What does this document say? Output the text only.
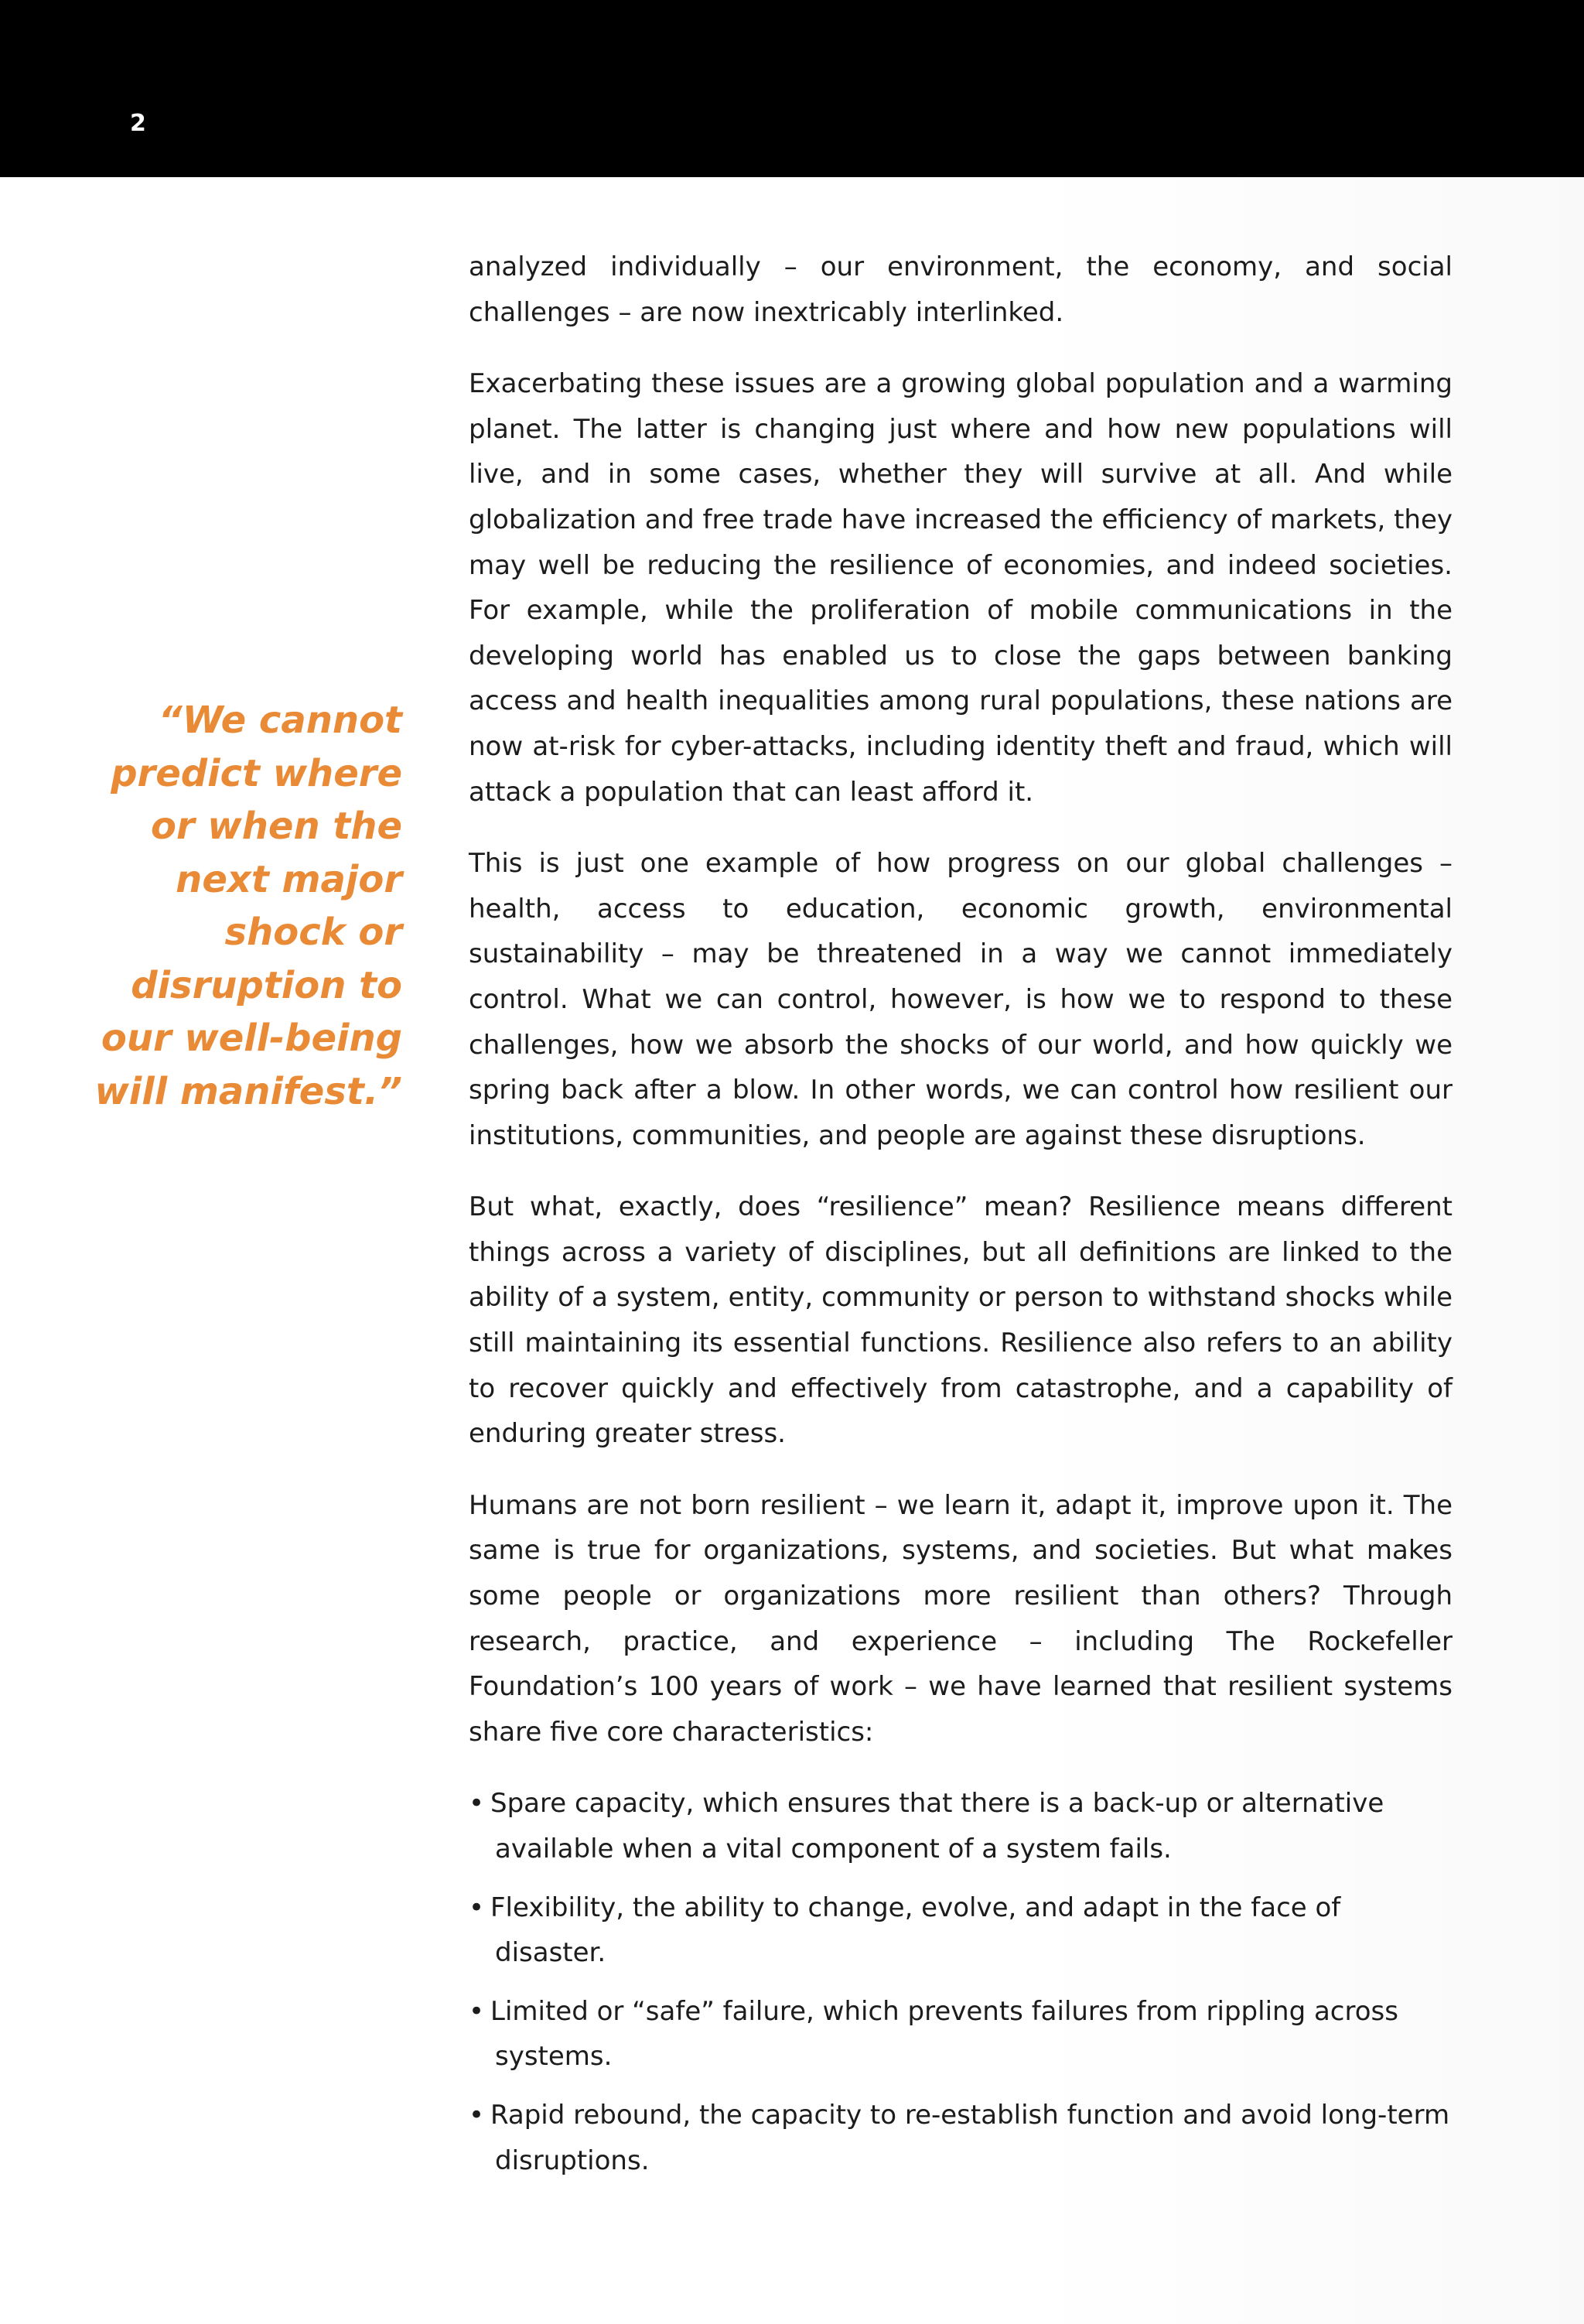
2

“We cannot predict where or when the next major shock or disruption to our well-being will manifest.”

analyzed individually – our environment, the economy, and social challenges – are now inextricably interlinked.

Exacerbating these issues are a growing global population and a warming planet. The latter is changing just where and how new populations will live, and in some cases, whether they will survive at all. And while globalization and free trade have increased the efficiency of markets, they may well be reducing the resilience of economies, and indeed societies. For example, while the proliferation of mobile communications in the developing world has enabled us to close the gaps between banking access and health inequalities among rural populations, these nations are now at-risk for cyber-attacks, including identity theft and fraud, which will attack a population that can least afford it.

This is just one example of how progress on our global challenges – health, access to education, economic growth, environmental sustainability – may be threatened in a way we cannot immediately control. What we can control, however, is how we to respond to these challenges, how we absorb the shocks of our world, and how quickly we spring back after a blow. In other words, we can control how resilient our institutions, communities, and people are against these disruptions.

But what, exactly, does “resilience” mean? Resilience means different things across a variety of disciplines, but all definitions are linked to the ability of a system, entity, community or person to withstand shocks while still maintaining its essential functions. Resilience also refers to an ability to recover quickly and effectively from catastrophe, and a capability of enduring greater stress.

Humans are not born resilient – we learn it, adapt it, improve upon it. The same is true for organizations, systems, and societies. But what makes some people or organizations more resilient than others? Through research, practice, and experience – including The Rockefeller Foundation’s 100 years of work – we have learned that resilient systems share five core characteristics:

• Spare capacity, which ensures that there is a back-up or alternative available when a vital component of a system fails.
• Flexibility, the ability to change, evolve, and adapt in the face of disaster.
• Limited or “safe” failure, which prevents failures from rippling across systems.
• Rapid rebound, the capacity to re-establish function and avoid long-term disruptions.
